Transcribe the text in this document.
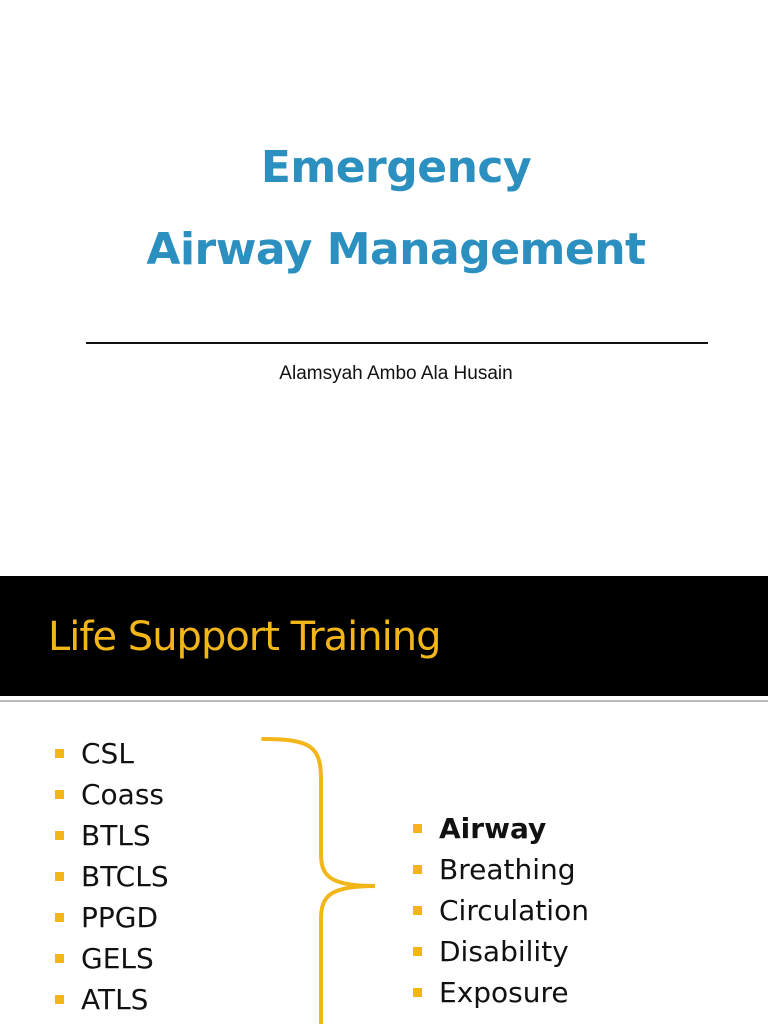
Emergency
Airway Management
Alamsyah Ambo Ala Husain
Life Support Training
CSL
Coass
BTLS
BTCLS
PPGD
GELS
ATLS
Airway
Breathing
Circulation
Disability
Exposure
